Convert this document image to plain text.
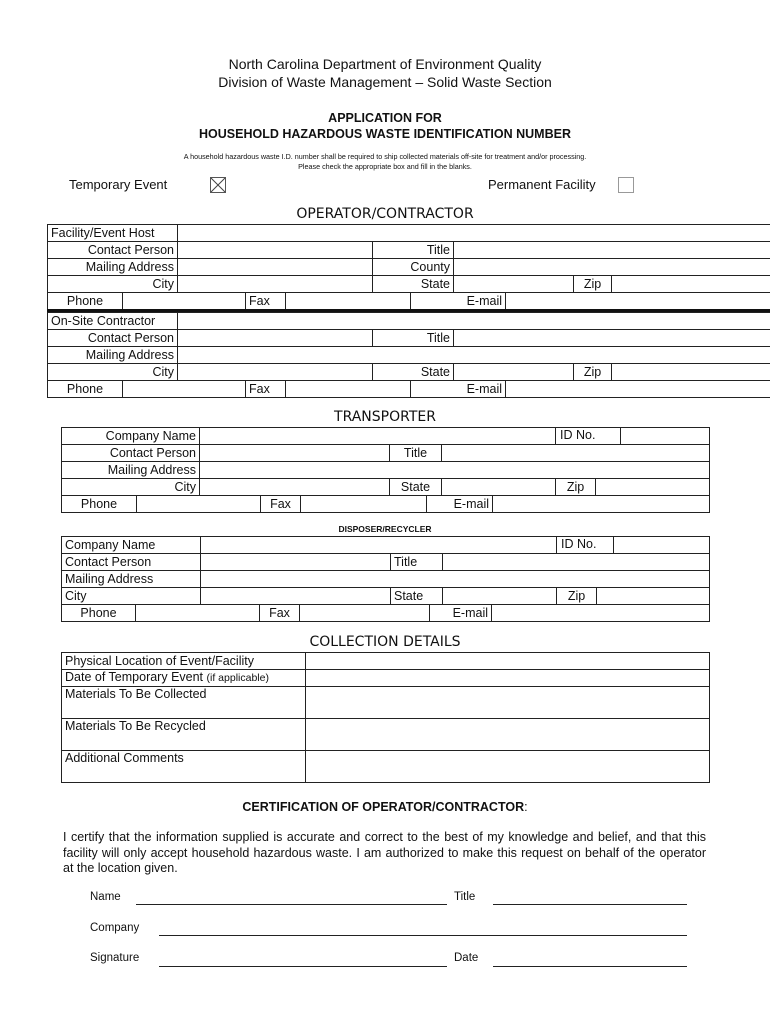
North Carolina Department of Environment Quality
Division of Waste Management – Solid Waste Section
APPLICATION FOR
HOUSEHOLD HAZARDOUS WASTE IDENTIFICATION NUMBER
A household hazardous waste I.D. number shall be required to ship collected materials off-site for treatment and/or processing.
Please check the appropriate box and fill in the blanks.
Temporary Event	Permanent Facility
OPERATOR/CONTRACTOR
Facility/Event Host					
Contact Person		Title			
Mailing Address		County			
City		State		Zip	
Phone		Fax		E-mail	
On-Site Contractor					
Contact Person		Title			
Mailing Address					
City		State		Zip	
Phone		Fax		E-mail	
TRANSPORTER
Company Name				ID No.	
Contact Person		Title			
Mailing Address					
City		State		Zip	
Phone		Fax		E-mail	
DISPOSER/RECYCLER
Company Name				ID No.	
Contact Person		Title			
Mailing Address					
City		State		Zip	
Phone		Fax		E-mail	
COLLECTION DETAILS
Physical Location of Event/Facility	
Date of Temporary Event (if applicable)	
Materials To Be Collected	
Materials To Be Recycled	
Additional Comments	
CERTIFICATION OF OPERATOR/CONTRACTOR:
I certify that the information supplied is accurate and correct to the best of my knowledge and belief, and that this facility will only accept household hazardous waste. I am authorized to make this request on behalf of the operator at the location given.
Name	Title
Company
Signature	Date
